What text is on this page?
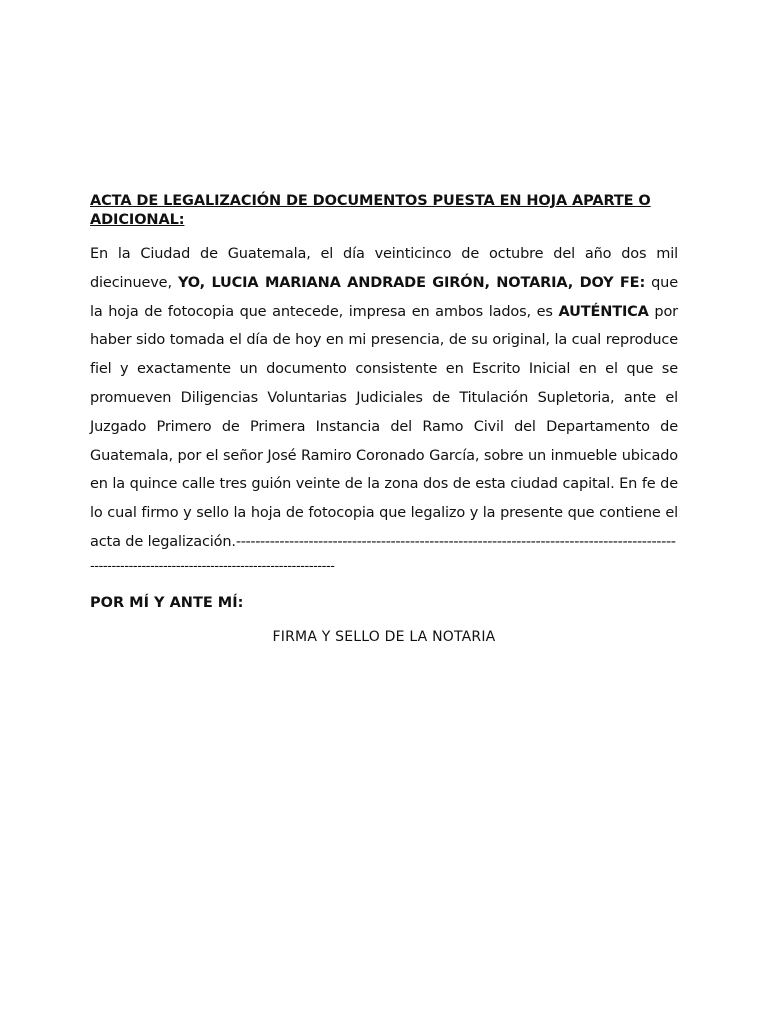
ACTA DE LEGALIZACIÓN DE DOCUMENTOS PUESTA EN HOJA APARTE O ADICIONAL:

En la Ciudad de Guatemala, el día veinticinco de octubre del año dos mil diecinueve, YO, LUCIA MARIANA ANDRADE GIRÓN, NOTARIA, DOY FE: que la hoja de fotocopia que antecede, impresa en ambos lados, es AUTÉNTICA por haber sido tomada el día de hoy en mi presencia, de su original, la cual reproduce fiel y exactamente un documento consistente en Escrito Inicial en el que se promueven Diligencias Voluntarias Judiciales de Titulación Supletoria, ante el Juzgado Primero de Primera Instancia del Ramo Civil del Departamento de Guatemala, por el señor José Ramiro Coronado García, sobre un inmueble ubicado en la quince calle tres guión veinte de la zona dos de esta ciudad capital. En fe de lo cual firmo y sello la hoja de fotocopia que legalizo y la presente que contiene el acta de legalización.-------------------------------------------------------------------------------------------

---------------------------------------------------------

POR MÍ Y ANTE MÍ:

FIRMA Y SELLO DE LA NOTARIA
